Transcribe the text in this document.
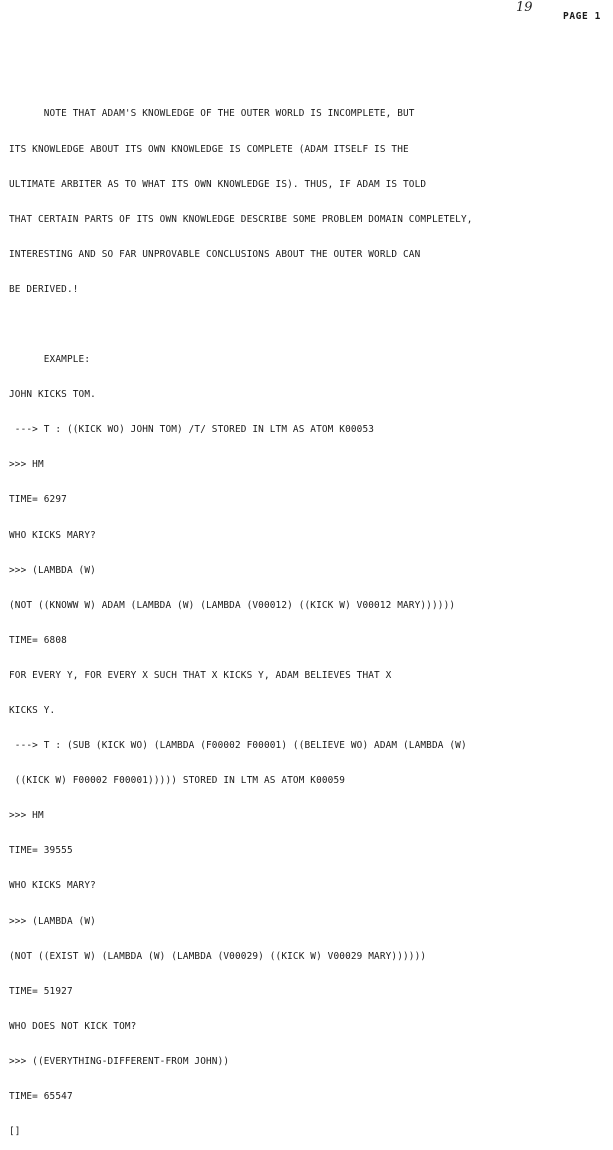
19
PAGE 1

NOTE THAT ADAM'S KNOWLEDGE OF THE OUTER WORLD IS INCOMPLETE, BUT

ITS KNOWLEDGE ABOUT ITS OWN KNOWLEDGE IS COMPLETE (ADAM ITSELF IS THE

ULTIMATE ARBITER AS TO WHAT ITS OWN KNOWLEDGE IS). THUS, IF ADAM IS TOLD

THAT CERTAIN PARTS OF ITS OWN KNOWLEDGE DESCRIBE SOME PROBLEM DOMAIN COMPLETELY,

INTERESTING AND SO FAR UNPROVABLE CONCLUSIONS ABOUT THE OUTER WORLD CAN

BE DERIVED.!

EXAMPLE:

JOHN KICKS TOM.

---> T : ((KICK WO) JOHN TOM) /T/ STORED IN LTM AS ATOM K00053

>>> HM

TIME= 6297

WHO KICKS MARY?

>>> (LAMBDA (W)

(NOT ((KNOWW W) ADAM (LAMBDA (W) (LAMBDA (V00012) ((KICK W) V00012 MARY))))))

TIME= 6808

FOR EVERY Y, FOR EVERY X SUCH THAT X KICKS Y, ADAM BELIEVES THAT X

KICKS Y.

---> T : (SUB (KICK WO) (LAMBDA (F00002 F00001) ((BELIEVE WO) ADAM (LAMBDA (W)

((KICK W) F00002 F00001))))) STORED IN LTM AS ATOM K00059

>>> HM

TIME= 39555

WHO KICKS MARY?

>>> (LAMBDA (W)

(NOT ((EXIST W) (LAMBDA (W) (LAMBDA (V00029) ((KICK W) V00029 MARY))))))

TIME= 51927

WHO DOES NOT KICK TOM?

>>> ((EVERYTHING-DIFFERENT-FROM JOHN))

TIME= 65547

[]
